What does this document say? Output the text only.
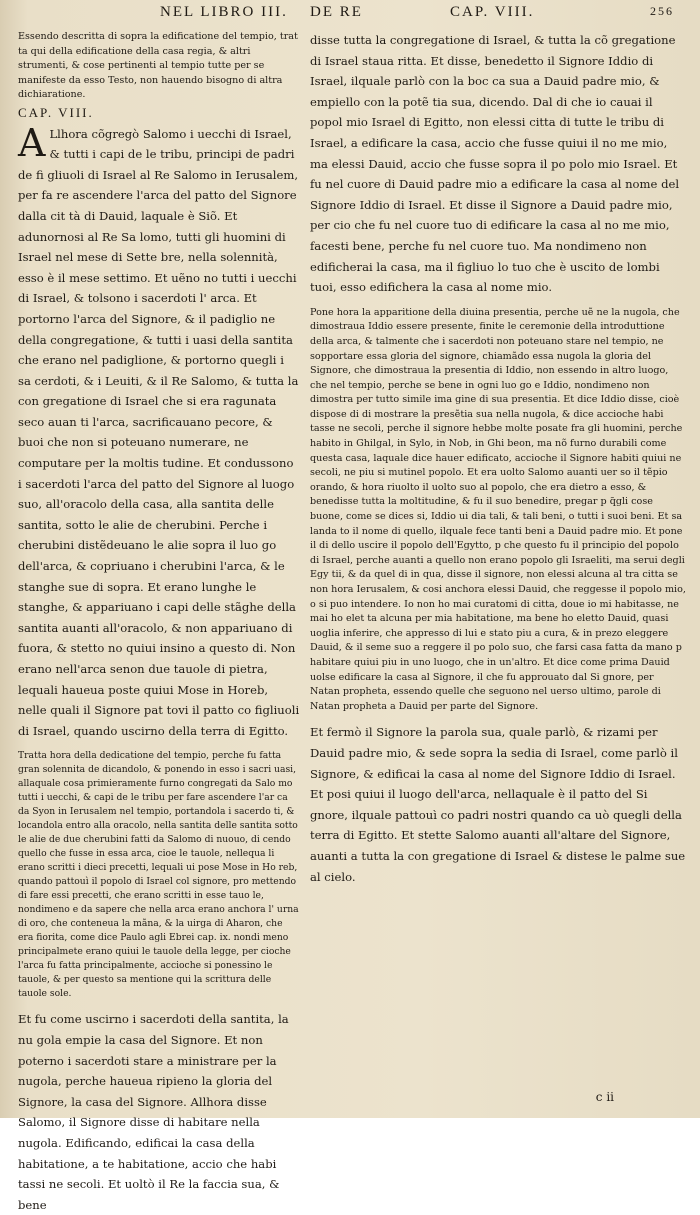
NEL LIBRO III. DE RE	CAP. VIII.	256

Essendo descritta di sopra la edificatione del tempio, trat ta qui della edificatione della casa regia, & altri strumenti, & cose pertinenti al tempio tutte per se manifeste da esso Testo, non hauendo bisogno di altra dichiaratione.

CAP. VIII.

A Llhora cõgregò Salomo i uecchi di Israel, & tutti i capi de le tribu, principi de padri de fi gliuoli di Israel al Re Salomo in Ierusalem, per fa re ascendere l'arca del patto del Signore dalla cit tà di Dauid, laquale è Siõ. Et adunornosi al Re Sa lomo, tutti gli huomini di Israel nel mese di Sette bre, nella solennità, esso è il mese settimo. Et uẽno no tutti i uecchi di Israel, & tolsono i sacerdoti l' arca. Et portorno l'arca del Signore, & il padiglio ne della congregatione, & tutti i uasi della santita che erano nel padiglione, & portorno quegli i sa cerdoti, & i Leuiti, & il Re Salomo, & tutta la con gregatione di Israel che si era ragunata seco auan ti l'arca, sacrificauano pecore, & buoi che non si poteuano numerare, ne computare per la moltis tudine. Et condussono i sacerdoti l'arca del patto del Signore al luogo suo, all'oracolo della casa, alla santita delle santita, sotto le alie de cherubini. Perche i cherubini distẽdeuano le alie sopra il luo go dell'arca, & copriuano i cherubini l'arca, & le stanghe sue di sopra. Et erano lunghe le stanghe, & appariuano i capi delle stãghe della santita auanti all'oracolo, & non appariuano di fuora, & stetto no quiui insino a questo di. Non erano nell'arca senon due tauole di pietra, lequali haueua poste quiui Mose in Horeb, nelle quali il Signore pat tovi il patto co figliuoli di Israel, quando uscirno della terra di Egitto.

Tratta hora della dedicatione del tempio, perche fu fatta gran solennita de dicandolo, & ponendo in esso i sacri uasi, allaquale cosa primieramente furno congregati da Salo mo tutti i uecchi, & capi de le tribu per fare ascendere l'ar ca da Syon in Ierusalem nel tempio, portandola i sacerdo ti, & locandola entro alla oracolo, nella santita delle santita sotto le alie de due cherubini fatti da Salomo di nuouo, di cendo quello che fusse in essa arca, cioe le tauole, nellequa li erano scritti i dieci precetti, lequali ui pose Mose in Ho reb, quando pattouì il popolo di Israel col signore, pro mettendo di fare essi precetti, che erano scritti in esse tauo le, nondimeno e da sapere che nella arca erano anchora l' urna di oro, che conteneua la mãna, & la uirga di Aharon, che era fiorita, come dice Paulo agli Ebrei cap. ix. nondi meno principalmete erano quiui le tauole della legge, per cioche l'arca fu fatta principalmente, accioche si ponessino le tauole, & per questo sa mentione qui la scrittura delle tauole sole.

Et fu come uscirno i sacerdoti della santita, la nu gola empie la casa del Signore. Et non poterno i sacerdoti stare a ministrare per la nugola, perche haueua ripieno la gloria del Signore, la casa del Signore. Allhora disse Salomo, il Signore disse di habitare nella nugola. Edificando, edificai la casa della habitatione, a te habitatione, accio che habi tassi ne secoli. Et uoltò il Re la faccia sua, & bene

disse tutta la congregatione di Israel, & tutta la cõ gregatione di Israel staua ritta. Et disse, benedetto il Signore Iddio di Israel, ilquale parlò con la boc ca sua a Dauid padre mio, & empiello con la potẽ tia sua, dicendo. Dal di che io cauai il popol mio Israel di Egitto, non elessi citta di tutte le tribu di Israel, a edificare la casa, accio che fusse quiui il no me mio, ma elessi Dauid, accio che fusse sopra il po polo mio Israel. Et fu nel cuore di Dauid padre mio a edificare la casa al nome del Signore Iddio di Israel. Et disse il Signore a Dauid padre mio, per cio che fu nel cuore tuo di edificare la casa al no me mio, facesti bene, perche fu nel cuore tuo. Ma nondimeno non edificherai la casa, ma il figliuo lo tuo che è uscito de lombi tuoi, esso edifichera la casa al nome mio.

Pone hora la apparitione della diuina presentia, perche uẽ ne la nugola, che dimostraua Iddio essere presente, finite le ceremonie della introduttione della arca, & talmente che i sacerdoti non poteuano stare nel tempio, ne sopportare essa gloria del signore, chiamãdo essa nugola la gloria del Signore, che dimostraua la presentia di Iddio, non essendo in altro luogo, che nel tempio, perche se bene in ogni luo go e Iddio, nondimeno non dimostra per tutto simile ima gine di sua presentia. Et dice Iddio disse, cioè dispose di di mostrare la presẽtia sua nella nugola, & dice accioche habi tasse ne secoli, perche il signore hebbe molte posate fra gli huomini, perche habito in Ghilgal, in Sylo, in Nob, in Ghi beon, ma nõ furno durabili come questa casa, laquale dice hauer edificato, accioche il Signore habiti quiui ne secoli, ne piu si mutinel popolo. Et era uolto Salomo auanti uer so il tẽpio orando, & hora riuolto il uolto suo al popolo, che era dietro a esso, & benedisse tutta la moltitudine, & fu il suo benedire, pregar p q̃gli cose buone, come se dices si, Iddio ui dia tali, & tali beni, o tutti i suoi beni. Et sa landa to il nome di quello, ilquale fece tanti beni a Dauid padre mio. Et pone il di dello uscire il popolo dell'Egytto, p che questo fu il principio del popolo di Israel, perche auanti a quello non erano popolo gli Israeliti, ma serui degli Egy tii, & da quel di in qua, disse il signore, non elessi alcuna al tra citta se non hora Ierusalem, & cosi anchora elessi Dauid, che reggesse il popolo mio, o si puo intendere. Io non ho mai curatomi di citta, doue io mi habitasse, ne mai ho elet ta alcuna per mia habitatione, ma bene ho eletto Dauid, quasi uoglia inferire, che appresso di lui e stato piu a cura, & in prezo eleggere Dauid, & il seme suo a reggere il po polo suo, che farsi casa fatta da mano p habitare quiui piu in uno luogo, che in un'altro. Et dice come prima Dauid uolse edificare la casa al Signore, il che fu approuato dal Si gnore, per Natan propheta, essendo quelle che seguono nel uerso ultimo, parole di Natan propheta a Dauid per parte del Signore.

Et fermò il Signore la parola sua, quale parlò, & rizami per Dauid padre mio, & sede sopra la sedia di Israel, come parlò il Signore, & edificai la casa al nome del Signore Iddio di Israel. Et posi quiui il luogo dell'arca, nellaquale è il patto del Si gnore, ilquale pattouì co padri nostri quando ca uò quegli della terra di Egitto. Et stette Salomo auanti all'altare del Signore, auanti a tutta la con gregatione di Israel & distese le palme sue al cielo.

c ii
